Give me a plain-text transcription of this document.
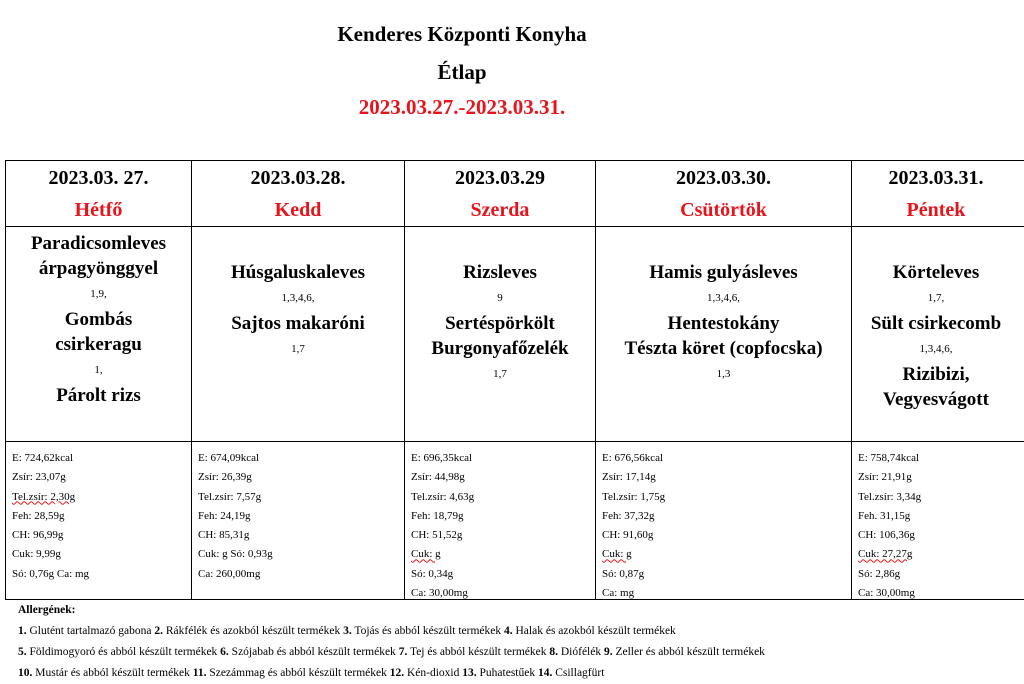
Kenderes Központi Konyha
Étlap
2023.03.27.-2023.03.31.
2023.03. 27.
Hétfő
Paradicsomleves
árpagyönggyel
1,9,
Gombás
csirkeragu
1,
Párolt rizs
E: 724,62kcal
Zsír: 23,07g
Tel.zsír: 2,30g
Feh: 28,59g
CH: 96,99g
Cuk: 9,99g
Só: 0,76g Ca: mg
2023.03.28.
Kedd
Húsgaluskaleves
1,3,4,6,
Sajtos makaróni
1,7
E: 674,09kcal
Zsír: 26,39g
Tel.zsír: 7,57g
Feh: 24,19g
CH: 85,31g
Cuk: g Só: 0,93g
Ca: 260,00mg
2023.03.29
Szerda
Rizsleves
9
Sertéspörkölt
Burgonyafőzelék
1,7
E: 696,35kcal
Zsír: 44,98g
Tel.zsír: 4,63g
Feh: 18,79g
CH: 51,52g
Cuk: g
Só: 0,34g
Ca: 30,00mg
2023.03.30.
Csütörtök
Hamis gulyásleves
1,3,4,6,
Hentestokány
Tészta köret (copfocska)
1,3
E: 676,56kcal
Zsír: 17,14g
Tel.zsír: 1,75g
Feh: 37,32g
CH: 91,60g
Cuk: g
Só: 0,87g
Ca: mg
2023.03.31.
Péntek
Körteleves
1,7,
Sült csirkecomb
1,3,4,6,
Rizibizi,
Vegyesvágott
E: 758,74kcal
Zsír: 21,91g
Tel.zsír: 3,34g
Feh. 31,15g
CH: 106,36g
Cuk: 27,27g
Só: 2,86g
Ca: 30,00mg
Allergének:
1. Glutént tartalmazó gabona 2. Rákfélék és azokból készült termékek 3. Tojás és abból készült termékek 4. Halak és azokból készült termékek
5. Földimogyoró és abból készült termékek 6. Szójabab és abból készült termékek 7. Tej és abból készült termékek 8. Diófélék 9. Zeller és abból készült termékek
10. Mustár és abból készült termékek 11. Szezámmag és abból készült termékek 12. Kén-dioxid 13. Puhatestűek 14. Csillagfürt
